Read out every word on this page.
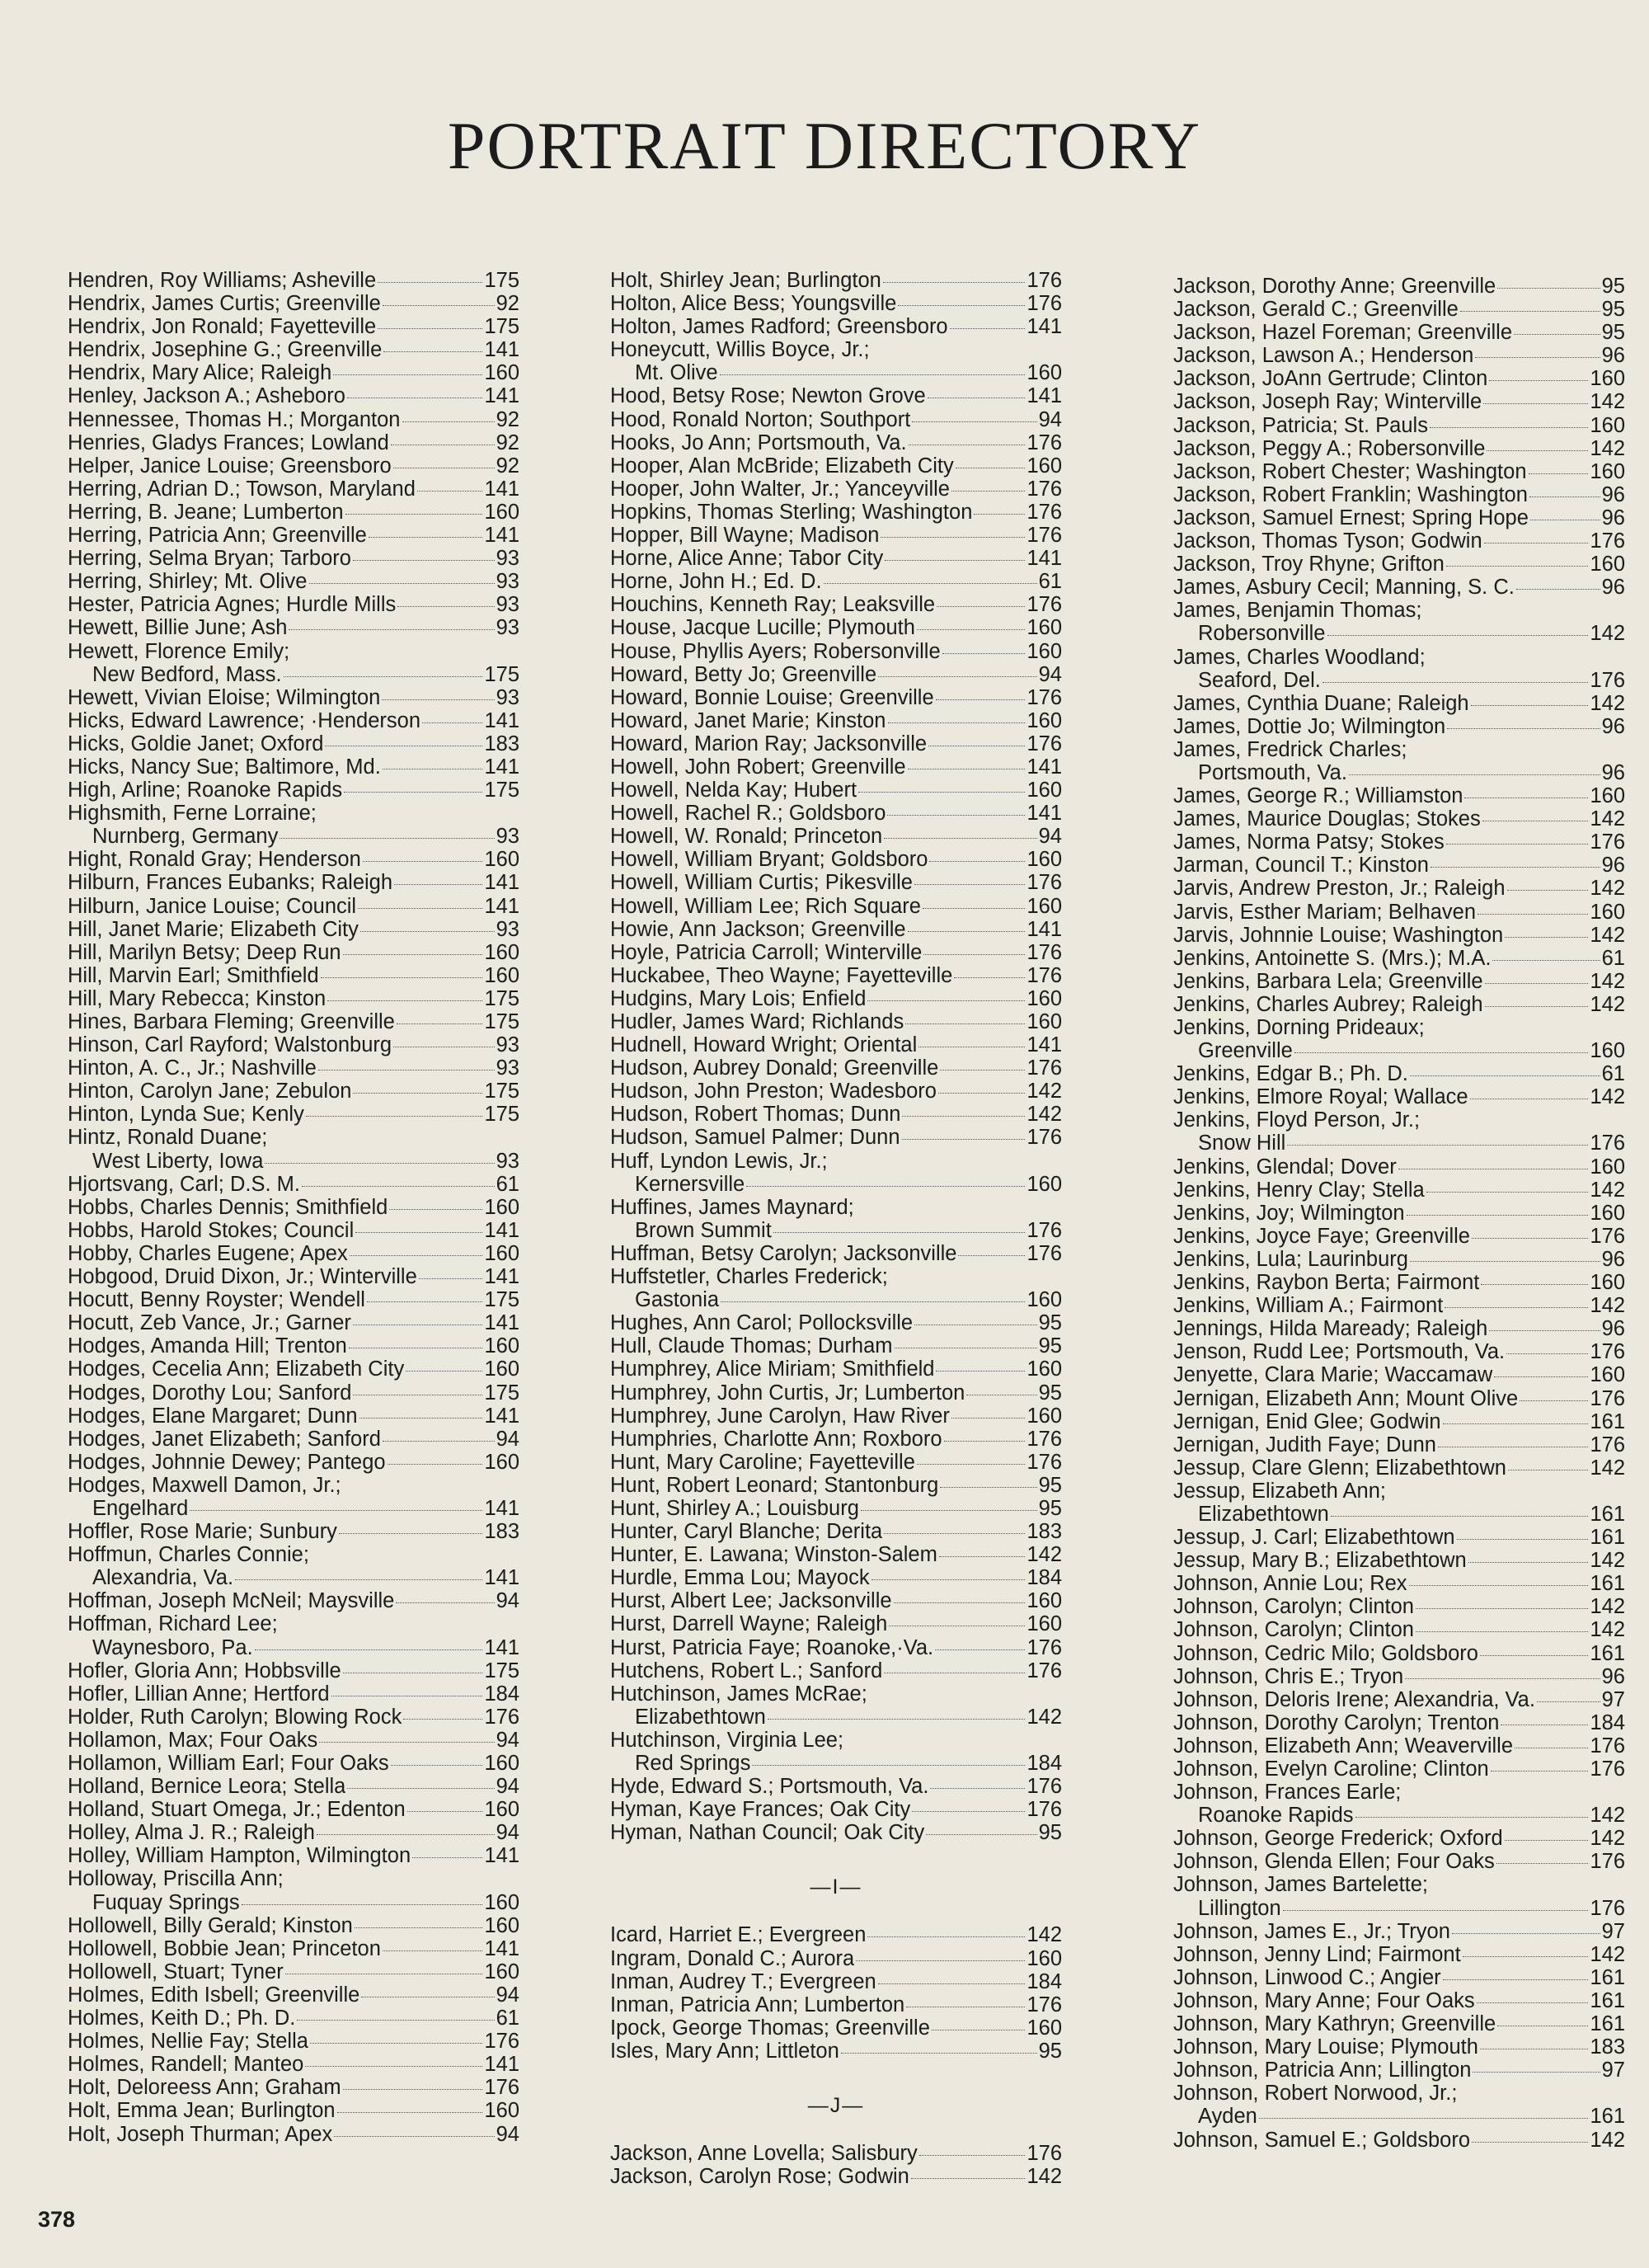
PORTRAIT DIRECTORY
Hendren, Roy Williams; Asheville	175
Hendrix, James Curtis; Greenville	92
Hendrix, Jon Ronald; Fayetteville	175
Hendrix, Josephine G.; Greenville	141
Hendrix, Mary Alice; Raleigh	160
Henley, Jackson A.; Asheboro	141
Hennessee, Thomas H.; Morganton	92
Henries, Gladys Frances; Lowland	92
Helper, Janice Louise; Greensboro	92
Herring, Adrian D.; Towson, Maryland	141
Herring, B. Jeane; Lumberton	160
Herring, Patricia Ann; Greenville	141
Herring, Selma Bryan; Tarboro	93
Herring, Shirley; Mt. Olive	93
Hester, Patricia Agnes; Hurdle Mills	93
Hewett, Billie June; Ash	93
Hewett, Florence Emily;
New Bedford, Mass.	175
Hewett, Vivian Eloise; Wilmington	93
Hicks, Edward Lawrence; ·Henderson	141
Hicks, Goldie Janet; Oxford	183
Hicks, Nancy Sue; Baltimore, Md.	141
High, Arline; Roanoke Rapids	175
Highsmith, Ferne Lorraine;
Nurnberg, Germany	93
Hight, Ronald Gray; Henderson	160
Hilburn, Frances Eubanks; Raleigh	141
Hilburn, Janice Louise; Council	141
Hill, Janet Marie; Elizabeth City	93
Hill, Marilyn Betsy; Deep Run	160
Hill, Marvin Earl; Smithfield	160
Hill, Mary Rebecca; Kinston	175
Hines, Barbara Fleming; Greenville	175
Hinson, Carl Rayford; Walstonburg	93
Hinton, A. C., Jr.; Nashville	93
Hinton, Carolyn Jane; Zebulon	175
Hinton, Lynda Sue; Kenly	175
Hintz, Ronald Duane;
West Liberty, Iowa	93
Hjortsvang, Carl; D.S. M.	61
Hobbs, Charles Dennis; Smithfield	160
Hobbs, Harold Stokes; Council	141
Hobby, Charles Eugene; Apex	160
Hobgood, Druid Dixon, Jr.; Winterville	141
Hocutt, Benny Royster; Wendell	175
Hocutt, Zeb Vance, Jr.; Garner	141
Hodges, Amanda Hill; Trenton	160
Hodges, Cecelia Ann; Elizabeth City	160
Hodges, Dorothy Lou; Sanford	175
Hodges, Elane Margaret; Dunn	141
Hodges, Janet Elizabeth; Sanford	94
Hodges, Johnnie Dewey; Pantego	160
Hodges, Maxwell Damon, Jr.;
Engelhard	141
Hoffler, Rose Marie; Sunbury	183
Hoffmun, Charles Connie;
Alexandria, Va.	141
Hoffman, Joseph McNeil; Maysville	94
Hoffman, Richard Lee;
Waynesboro, Pa.	141
Hofler, Gloria Ann; Hobbsville	175
Hofler, Lillian Anne; Hertford	184
Holder, Ruth Carolyn; Blowing Rock	176
Hollamon, Max; Four Oaks	94
Hollamon, William Earl; Four Oaks	160
Holland, Bernice Leora; Stella	94
Holland, Stuart Omega, Jr.; Edenton	160
Holley, Alma J. R.; Raleigh	94
Holley, William Hampton, Wilmington	141
Holloway, Priscilla Ann;
Fuquay Springs	160
Hollowell, Billy Gerald; Kinston	160
Hollowell, Bobbie Jean; Princeton	141
Hollowell, Stuart; Tyner	160
Holmes, Edith Isbell; Greenville	94
Holmes, Keith D.; Ph. D.	61
Holmes, Nellie Fay; Stella	176
Holmes, Randell; Manteo	141
Holt, Deloreess Ann; Graham	176
Holt, Emma Jean; Burlington	160
Holt, Joseph Thurman; Apex	94
Holt, Shirley Jean; Burlington	176
Holton, Alice Bess; Youngsville	176
Holton, James Radford; Greensboro	141
Honeycutt, Willis Boyce, Jr.;
Mt. Olive	160
Hood, Betsy Rose; Newton Grove	141
Hood, Ronald Norton; Southport	94
Hooks, Jo Ann; Portsmouth, Va.	176
Hooper, Alan McBride; Elizabeth City	160
Hooper, John Walter, Jr.; Yanceyville	176
Hopkins, Thomas Sterling; Washington	176
Hopper, Bill Wayne; Madison	176
Horne, Alice Anne; Tabor City	141
Horne, John H.; Ed. D.	61
Houchins, Kenneth Ray; Leaksville	176
House, Jacque Lucille; Plymouth	160
House, Phyllis Ayers; Robersonville	160
Howard, Betty Jo; Greenville	94
Howard, Bonnie Louise; Greenville	176
Howard, Janet Marie; Kinston	160
Howard, Marion Ray; Jacksonville	176
Howell, John Robert; Greenville	141
Howell, Nelda Kay; Hubert	160
Howell, Rachel R.; Goldsboro	141
Howell, W. Ronald; Princeton	94
Howell, William Bryant; Goldsboro	160
Howell, William Curtis; Pikesville	176
Howell, William Lee; Rich Square	160
Howie, Ann Jackson; Greenville	141
Hoyle, Patricia Carroll; Winterville	176
Huckabee, Theo Wayne; Fayetteville	176
Hudgins, Mary Lois; Enfield	160
Hudler, James Ward; Richlands	160
Hudnell, Howard Wright; Oriental	141
Hudson, Aubrey Donald; Greenville	176
Hudson, John Preston; Wadesboro	142
Hudson, Robert Thomas; Dunn	142
Hudson, Samuel Palmer; Dunn	176
Huff, Lyndon Lewis, Jr.;
Kernersville	160
Huffines, James Maynard;
Brown Summit	176
Huffman, Betsy Carolyn; Jacksonville	176
Huffstetler, Charles Frederick;
Gastonia	160
Hughes, Ann Carol; Pollocksville	95
Hull, Claude Thomas; Durham	95
Humphrey, Alice Miriam; Smithfield	160
Humphrey, John Curtis, Jr; Lumberton	95
Humphrey, June Carolyn, Haw River	160
Humphries, Charlotte Ann; Roxboro	176
Hunt, Mary Caroline; Fayetteville	176
Hunt, Robert Leonard; Stantonburg	95
Hunt, Shirley A.; Louisburg	95
Hunter, Caryl Blanche; Derita	183
Hunter, E. Lawana; Winston-Salem	142
Hurdle, Emma Lou; Mayock	184
Hurst, Albert Lee; Jacksonville	160
Hurst, Darrell Wayne; Raleigh	160
Hurst, Patricia Faye; Roanoke,·Va.	176
Hutchens, Robert L.; Sanford	176
Hutchinson, James McRae;
Elizabethtown	142
Hutchinson, Virginia Lee;
Red Springs	184
Hyde, Edward S.; Portsmouth, Va.	176
Hyman, Kaye Frances; Oak City	176
Hyman, Nathan Council; Oak City	95
—I—
Icard, Harriet E.; Evergreen	142
Ingram, Donald C.; Aurora	160
Inman, Audrey T.; Evergreen	184
Inman, Patricia Ann; Lumberton	176
Ipock, George Thomas; Greenville	160
Isles, Mary Ann; Littleton	95
—J—
Jackson, Anne Lovella; Salisbury	176
Jackson, Carolyn Rose; Godwin	142
Jackson, Dorothy Anne; Greenville	95
Jackson, Gerald C.; Greenville	95
Jackson, Hazel Foreman; Greenville	95
Jackson, Lawson A.; Henderson	96
Jackson, JoAnn Gertrude; Clinton	160
Jackson, Joseph Ray; Winterville	142
Jackson, Patricia; St. Pauls	160
Jackson, Peggy A.; Robersonville	142
Jackson, Robert Chester; Washington	160
Jackson, Robert Franklin; Washington	96
Jackson, Samuel Ernest; Spring Hope	96
Jackson, Thomas Tyson; Godwin	176
Jackson, Troy Rhyne; Grifton	160
James, Asbury Cecil; Manning, S. C.	96
James, Benjamin Thomas;
Robersonville	142
James, Charles Woodland;
Seaford, Del.	176
James, Cynthia Duane; Raleigh	142
James, Dottie Jo; Wilmington	96
James, Fredrick Charles;
Portsmouth, Va.	96
James, George R.; Williamston	160
James, Maurice Douglas; Stokes	142
James, Norma Patsy; Stokes	176
Jarman, Council T.; Kinston	96
Jarvis, Andrew Preston, Jr.; Raleigh	142
Jarvis, Esther Mariam; Belhaven	160
Jarvis, Johnnie Louise; Washington	142
Jenkins, Antoinette S. (Mrs.); M.A.	61
Jenkins, Barbara Lela; Greenville	142
Jenkins, Charles Aubrey; Raleigh	142
Jenkins, Dorning Prideaux;
Greenville	160
Jenkins, Edgar B.; Ph. D.	61
Jenkins, Elmore Royal; Wallace	142
Jenkins, Floyd Person, Jr.;
Snow Hill	176
Jenkins, Glendal; Dover	160
Jenkins, Henry Clay; Stella	142
Jenkins, Joy; Wilmington	160
Jenkins, Joyce Faye; Greenville	176
Jenkins, Lula; Laurinburg	96
Jenkins, Raybon Berta; Fairmont	160
Jenkins, William A.; Fairmont	142
Jennings, Hilda Maready; Raleigh	96
Jenson, Rudd Lee; Portsmouth, Va.	176
Jenyette, Clara Marie; Waccamaw	160
Jernigan, Elizabeth Ann; Mount Olive	176
Jernigan, Enid Glee; Godwin	161
Jernigan, Judith Faye; Dunn	176
Jessup, Clare Glenn; Elizabethtown	142
Jessup, Elizabeth Ann;
Elizabethtown	161
Jessup, J. Carl; Elizabethtown	161
Jessup, Mary B.; Elizabethtown	142
Johnson, Annie Lou; Rex	161
Johnson, Carolyn; Clinton	142
Johnson, Carolyn; Clinton	142
Johnson, Cedric Milo; Goldsboro	161
Johnson, Chris E.; Tryon	96
Johnson, Deloris Irene; Alexandria, Va.	97
Johnson, Dorothy Carolyn; Trenton	184
Johnson, Elizabeth Ann; Weaverville	176
Johnson, Evelyn Caroline; Clinton	176
Johnson, Frances Earle;
Roanoke Rapids	142
Johnson, George Frederick; Oxford	142
Johnson, Glenda Ellen; Four Oaks	176
Johnson, James Bartelette;
Lillington	176
Johnson, James E., Jr.; Tryon	97
Johnson, Jenny Lind; Fairmont	142
Johnson, Linwood C.; Angier	161
Johnson, Mary Anne; Four Oaks	161
Johnson, Mary Kathryn; Greenville	161
Johnson, Mary Louise; Plymouth	183
Johnson, Patricia Ann; Lillington	97
Johnson, Robert Norwood, Jr.;
Ayden	161
Johnson, Samuel E.; Goldsboro	142
378
